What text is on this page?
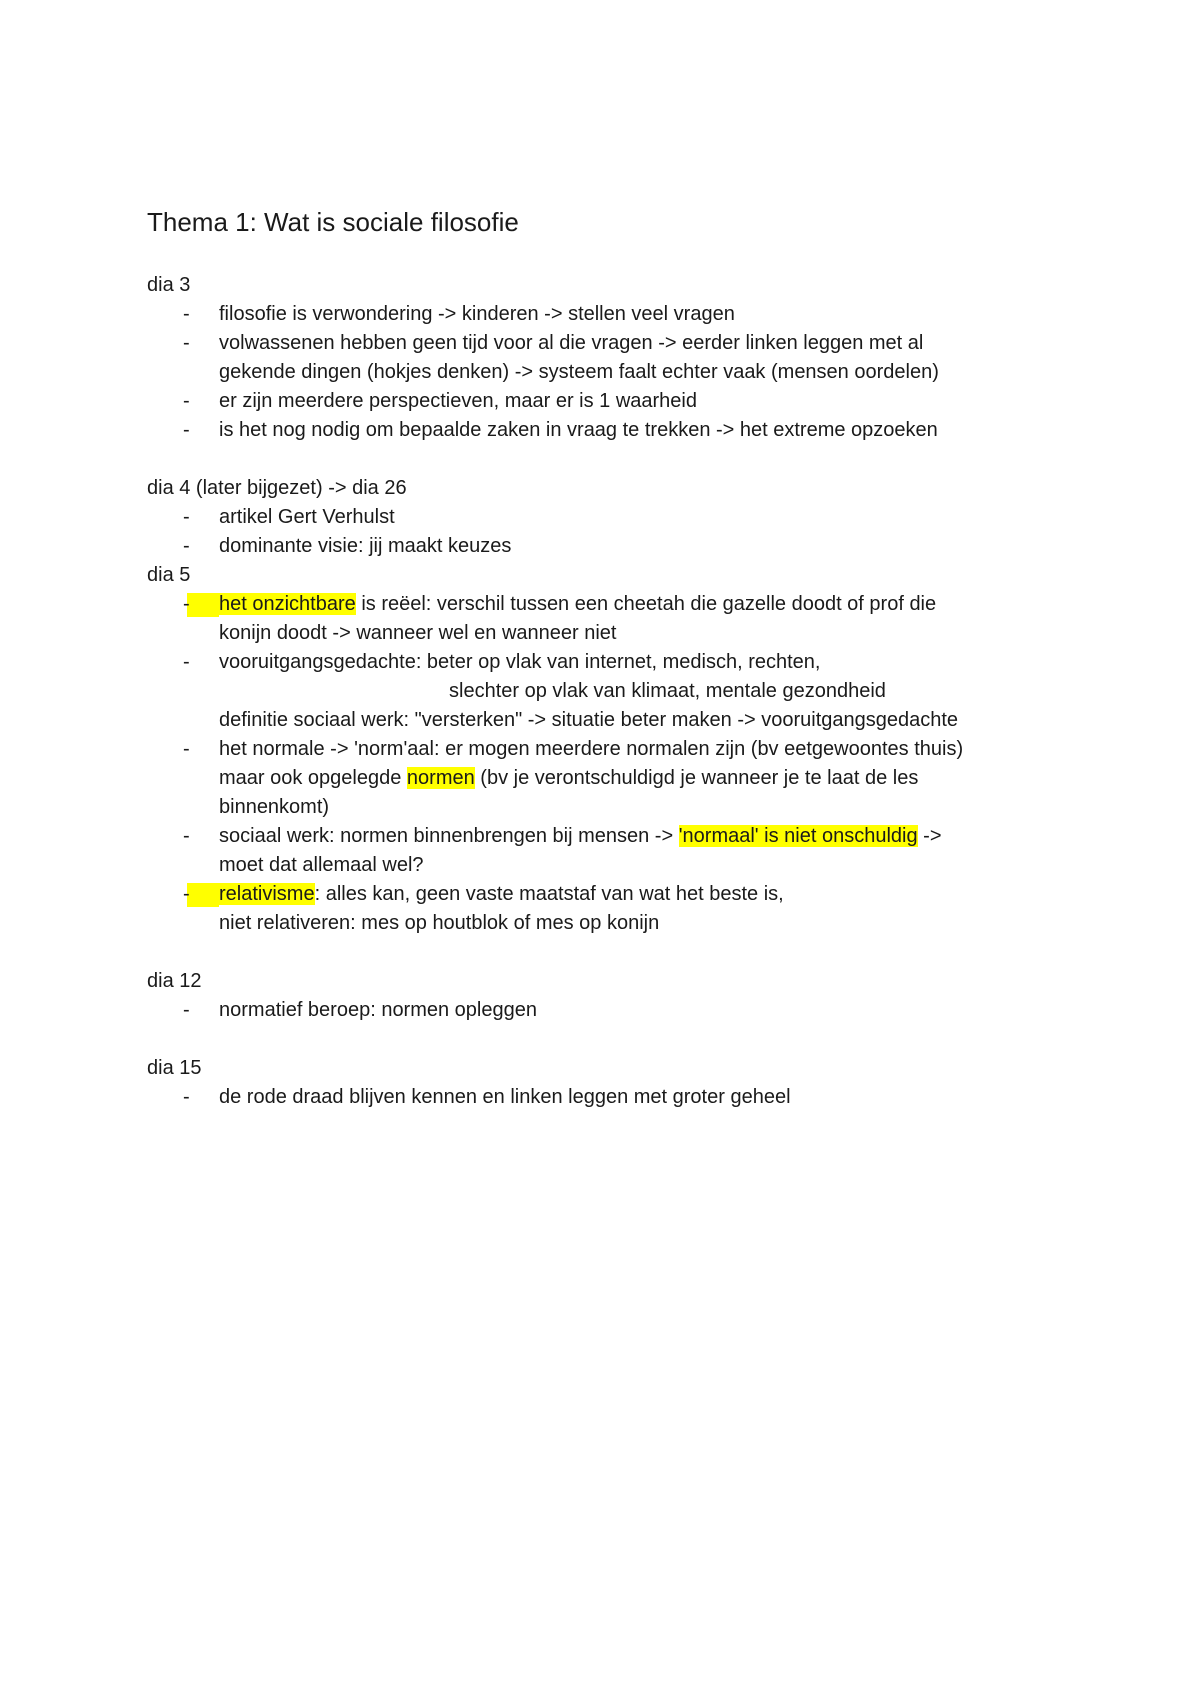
Thema 1: Wat is sociale filosofie
dia 3
- filosofie is verwondering -> kinderen -> stellen veel vragen
- volwassenen hebben geen tijd voor al die vragen -> eerder linken leggen met al
gekende dingen (hokjes denken) -> systeem faalt echter vaak (mensen oordelen)
- er zijn meerdere perspectieven, maar er is 1 waarheid
- is het nog nodig om bepaalde zaken in vraag te trekken -> het extreme opzoeken
dia 4 (later bijgezet) -> dia 26
- artikel Gert Verhulst
- dominante visie: jij maakt keuzes
dia 5
- het onzichtbare is reëel: verschil tussen een cheetah die gazelle doodt of prof die
konijn doodt -> wanneer wel en wanneer niet
- vooruitgangsgedachte: beter op vlak van internet, medisch, rechten,
slechter op vlak van klimaat, mentale gezondheid
definitie sociaal werk: "versterken" -> situatie beter maken -> vooruitgangsgedachte
- het normale -> 'norm'aal: er mogen meerdere normalen zijn (bv eetgewoontes thuis)
maar ook opgelegde normen (bv je verontschuldigd je wanneer je te laat de les
binnenkomt)
- sociaal werk: normen binnenbrengen bij mensen -> 'normaal' is niet onschuldig ->
moet dat allemaal wel?
- relativisme: alles kan, geen vaste maatstaf van wat het beste is,
niet relativeren: mes op houtblok of mes op konijn
dia 12
- normatief beroep: normen opleggen
dia 15
- de rode draad blijven kennen en linken leggen met groter geheel
